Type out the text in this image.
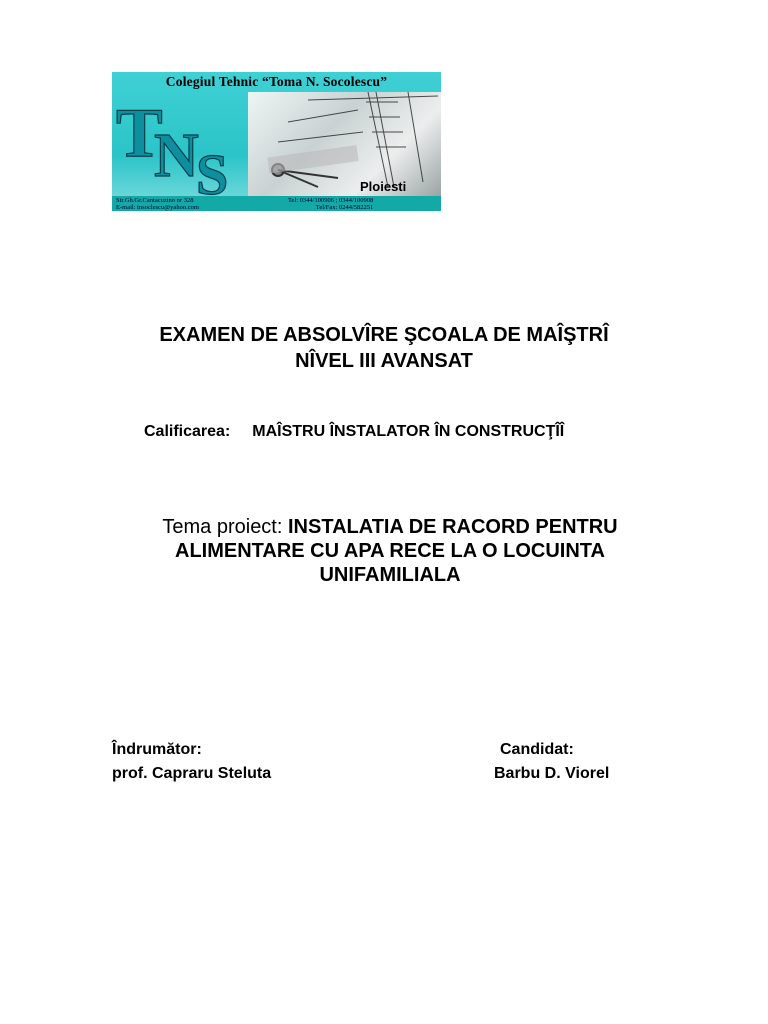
Colegiul Tehnic “Toma N. Socolescu”
T
N
S	Ploiesti
Str.Gh.Gr.Cantacuzino nr 328
E-mail: tnsoclescu@yahoo.com
Tel: 0344/100906 ; 0344/100908
Tel/Fax: 0244/582251
EXAMEN DE ABSOLVÎRE ŞCOALA DE MAÎŞTRÎ
NÎVEL III AVANSAT
Calificarea: MAÎSTRU ÎNSTALATOR ÎN CONSTRUCŢÎÎ
Tema proiect: INSTALATIA DE RACORD PENTRU
ALIMENTARE CU APA RECE LA O LOCUINTA
UNIFAMILIALA
Îndrumător:
prof. Capraru Steluta
Candidat:
Barbu D. Viorel
